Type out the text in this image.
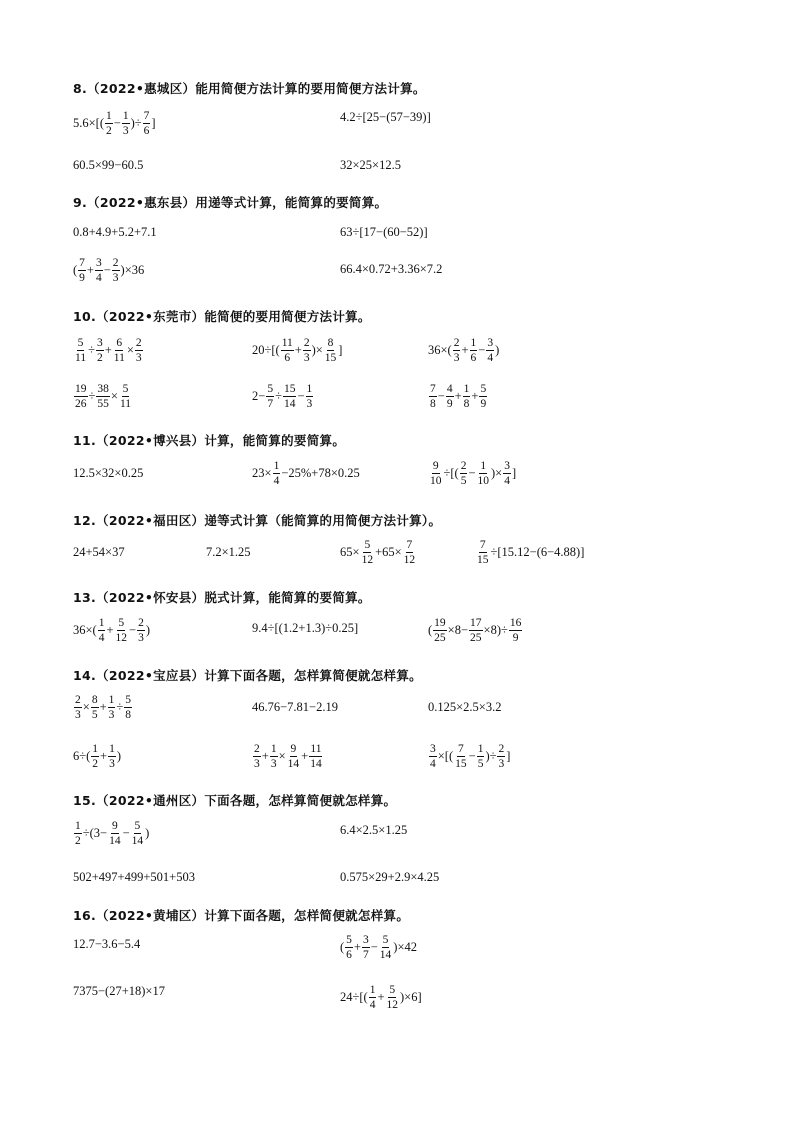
8.（2022•惠城区）能用简便方法计算的要用简便方法计算。
$5.6\times[( \frac{1}{2} - \frac{1}{3}$ )÷ $\frac{7}{6}$ ]	4.2÷[25−(57−39)]
60.5×99−60.5	32×25×12.5
9.（2022•惠东县）用递等式计算，能简算的要简算。
0.8+4.9+5.2+7.1	63÷[17−(60−52)]
( $\frac{7}{9} + \frac{3}{4} - \frac{2}{3} )\times 36$	66.4×0.72+3.36×7.2
10.（2022•东莞市）能简便的要用简便方法计算。
$\frac{5}{11} \div \frac{3}{2} + \frac{6}{11} \times \frac{2}{3}$	$20\div[( \frac{11}{6} + \frac{2}{3}$ )× $\frac{8}{15}$ ]	$36\times( \frac{2}{3} + \frac{1}{6} - \frac{3}{4}$ )
$\frac{19}{26} \div \frac{38}{55} \times \frac{5}{11}$	$2- \frac{5}{7} \div \frac{15}{14} - \frac{1}{3}$	$\frac{7}{8} - \frac{4}{9} + \frac{1}{8} + \frac{5}{9}$
11.（2022•博兴县）计算，能简算的要简算。
12.5×32×0.25	$23\times \frac{1}{4} -25\%+78\times 0.25$	$\frac{9}{10}$ ÷[( $\frac{2}{5} - \frac{1}{10}$ )× $\frac{3}{4}$ ]
12.（2022•福田区）递等式计算（能简算的用简便方法计算）。
24+54×37	7.2×1.25	$65\times \frac{5}{12} +65\times \frac{7}{12}$	$\frac{7}{15} \div[15.12-(6-4.88)]$
13.（2022•怀安县）脱式计算，能简算的要简算。
$36\times( \frac{1}{4} + \frac{5}{12} - \frac{2}{3}$ )	9.4÷[(1.2+1.3)÷0.25]	( $\frac{19}{25} \times 8- \frac{17}{25} \times 8)\div \frac{16}{9}$
14.（2022•宝应县）计算下面各题，怎样算简便就怎样算。
$\frac{2}{3} \times \frac{8}{5} + \frac{1}{3} \div \frac{5}{8}$	46.76−7.81−2.19	0.125×2.5×3.2
$6\div( \frac{1}{2} + \frac{1}{3}$ )	$\frac{2}{3} + \frac{1}{3} \times \frac{9}{14} + \frac{11}{14}$	$\frac{3}{4}$ ×[( $\frac{7}{15} - \frac{1}{5}$ )÷ $\frac{2}{3}$ ]
15.（2022•通州区）下面各题，怎样算简便就怎样算。
$\frac{1}{2} \div(3- \frac{9}{14} - \frac{5}{14}$ )	6.4×2.5×1.25
502+497+499+501+503	0.575×29+2.9×4.25
16.（2022•黄埔区）计算下面各题，怎样简便就怎样算。
12.7−3.6−5.4	( $\frac{5}{6} + \frac{3}{7} - \frac{5}{14} )\times 42$
7375−(27+18)×17	$24\div[( \frac{1}{4} + \frac{5}{12} )\times 6]$
